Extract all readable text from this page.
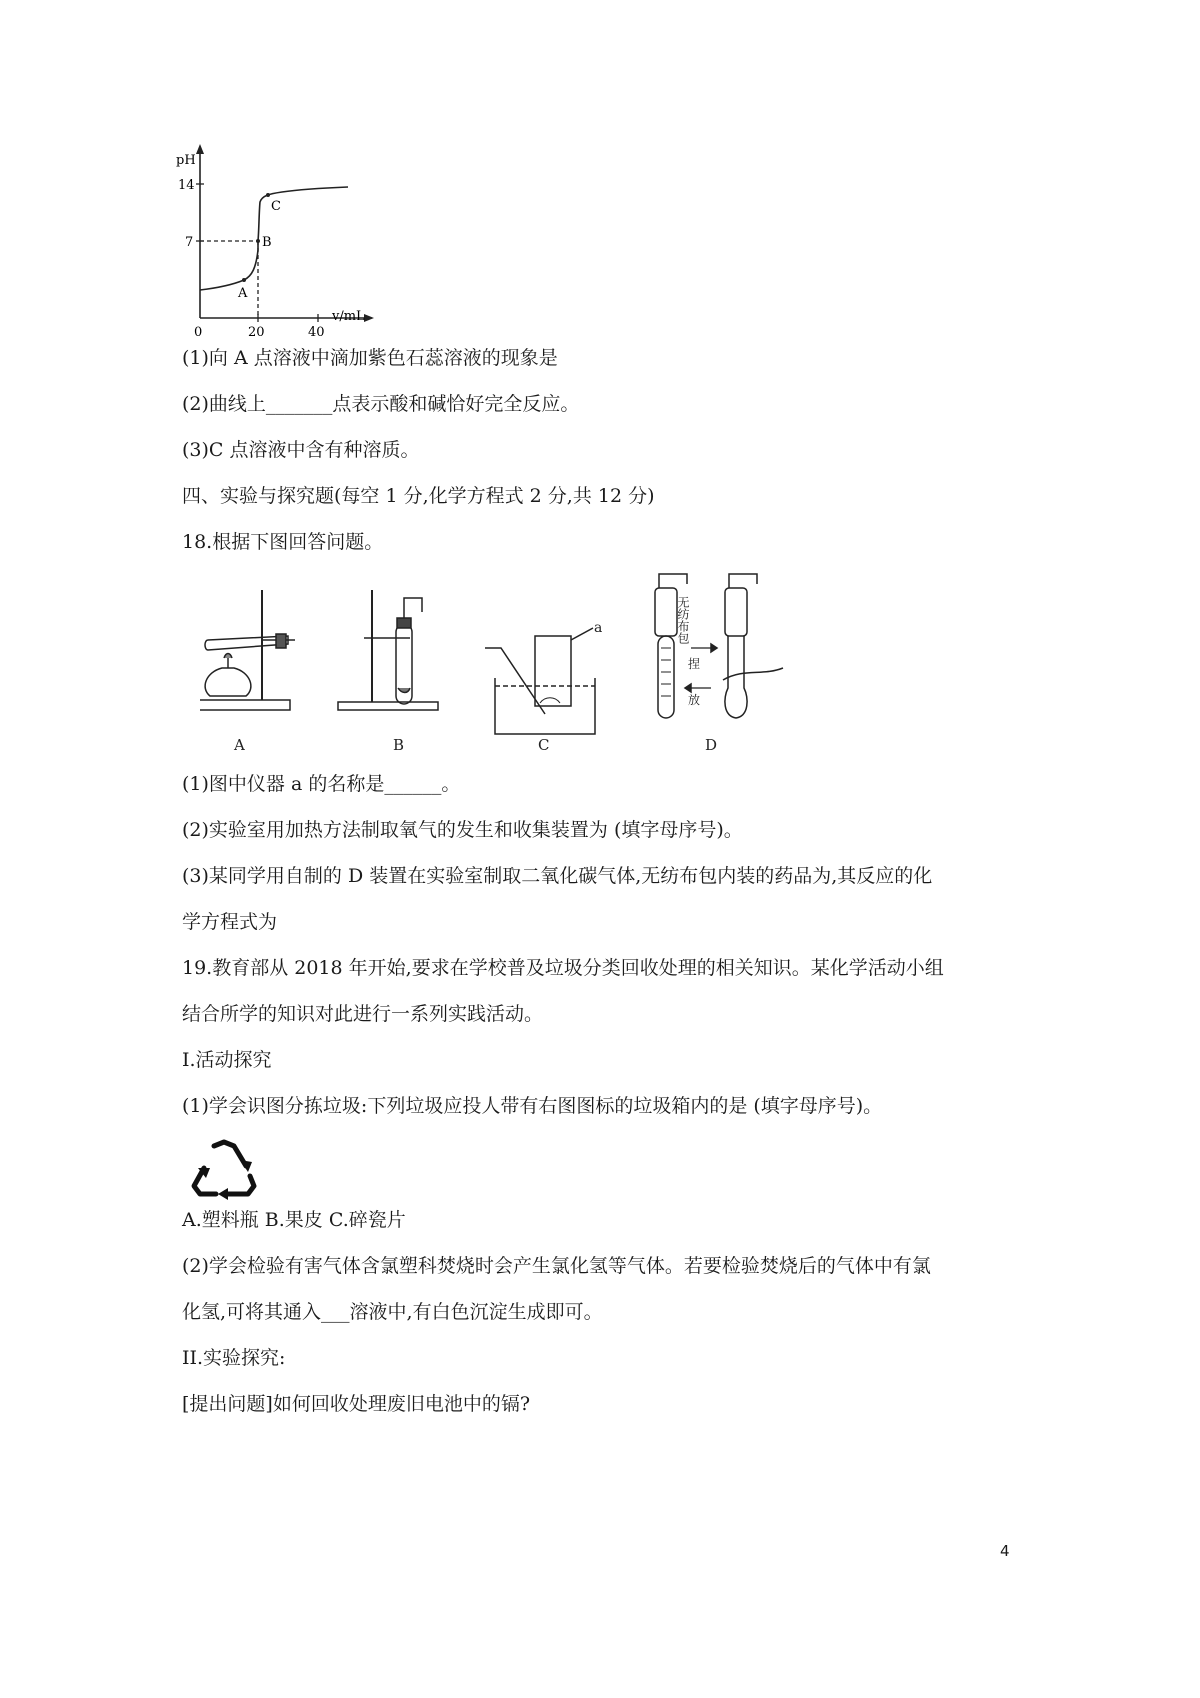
pH
v/mL
14
7
0	20	40
A
B
C
(1)向 A 点溶液中滴加紫色石蕊溶液的现象是
(2)曲线上_______点表示酸和碱恰好完全反应。
(3)C 点溶液中含有种溶质。
四、实验与探究题(每空 1 分,化学方程式 2 分,共 12 分)
18.根据下图回答问题。
a	无纺布包
捏
放
A	B	C	D
(1)图中仪器 a 的名称是______。
(2)实验室用加热方法制取氧气的发生和收集装置为 (填字母序号)。
(3)某同学用自制的 D 装置在实验室制取二氧化碳气体,无纺布包内装的药品为,其反应的化
学方程式为
19.教育部从 2018 年开始,要求在学校普及垃圾分类回收处理的相关知识。某化学活动小组
结合所学的知识对此进行一系列实践活动。
I.活动探究
(1)学会识图分拣垃圾:下列垃圾应投人带有右图图标的垃圾箱内的是 (填字母序号)。
A.塑料瓶 B.果皮 C.碎瓷片
(2)学会检验有害气体含氯塑科焚烧时会产生氯化氢等气体。若要检验焚烧后的气体中有氯
化氢,可将其通入___溶液中,有白色沉淀生成即可。
II.实验探究:
[提出问题]如何回收处理废旧电池中的镉?
4
